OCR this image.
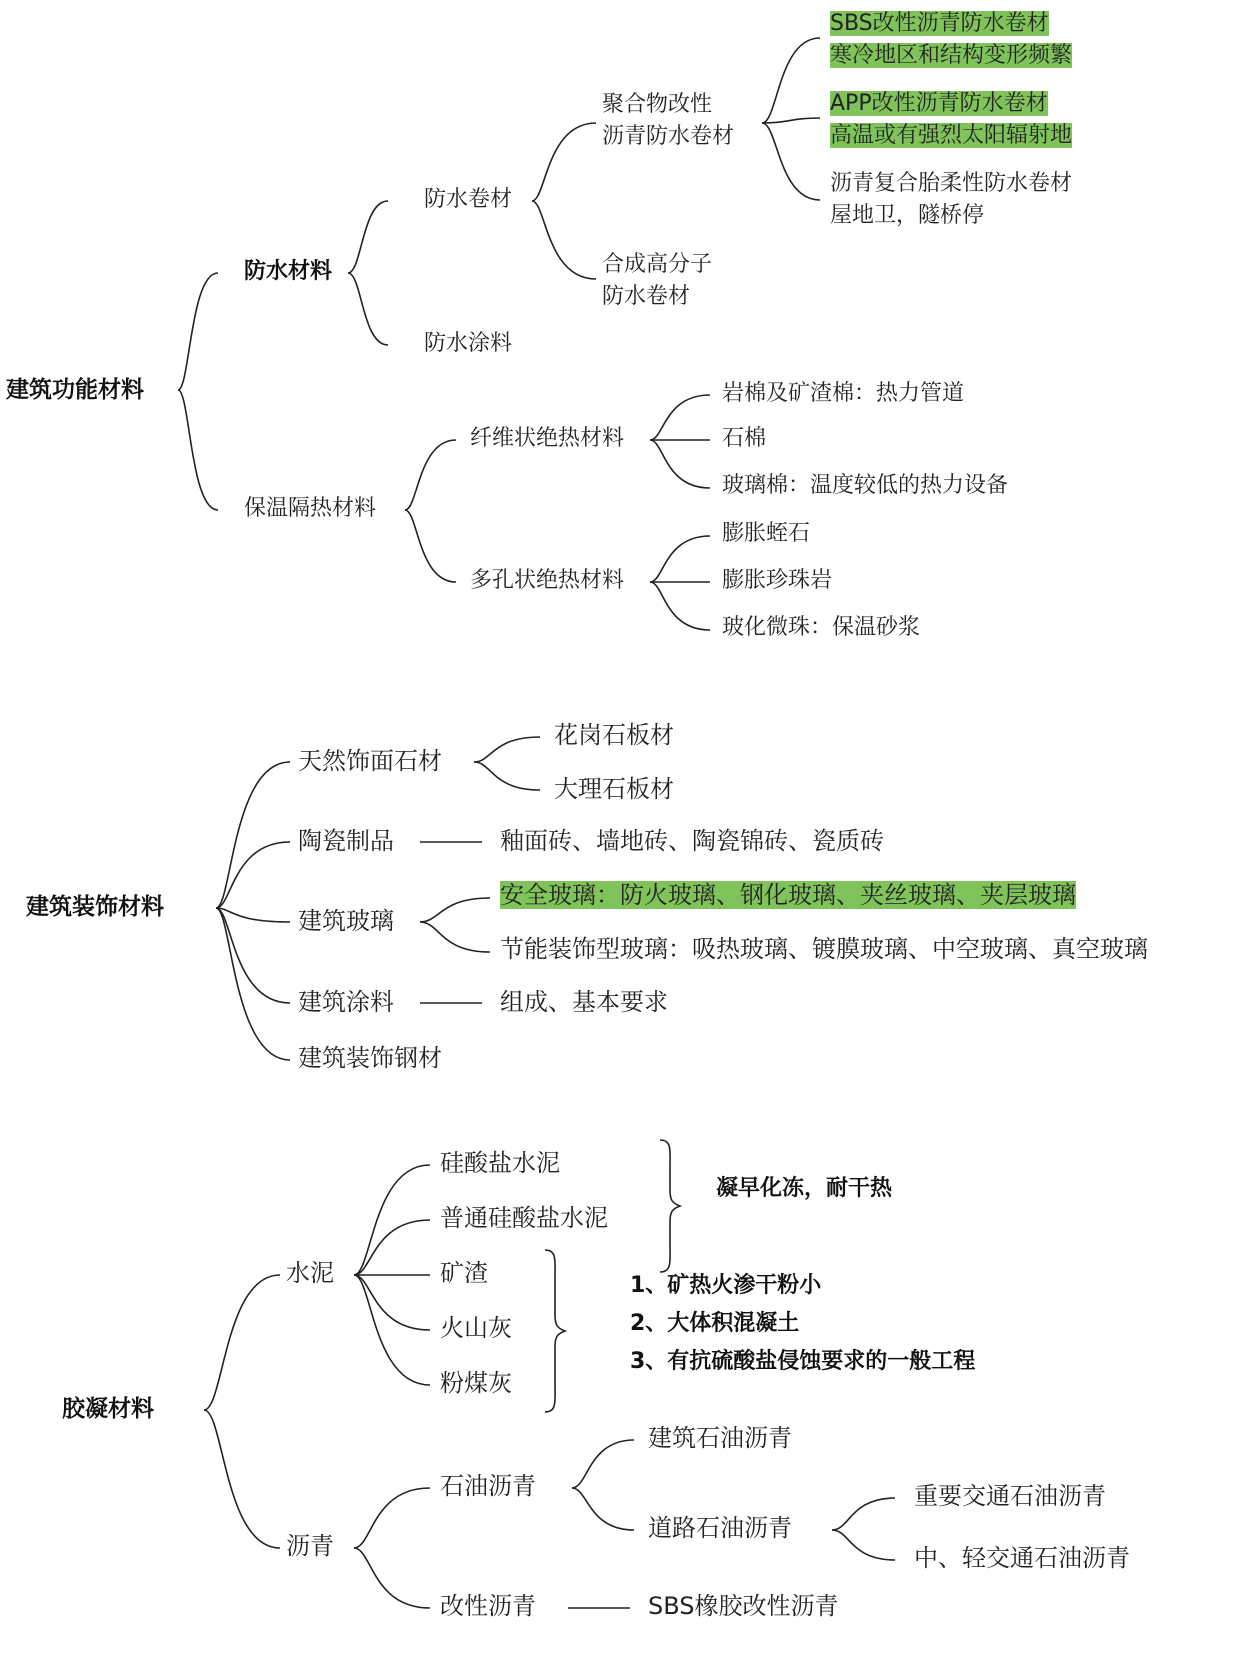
建筑功能材料
防水材料
防水卷材
聚合物改性
沥青防水卷材
SBS改性沥青防水卷材
寒冷地区和结构变形频繁
APP改性沥青防水卷材
高温或有强烈太阳辐射地
沥青复合胎柔性防水卷材
屋地卫，隧桥停
合成高分子
防水卷材
防水涂料
保温隔热材料
纤维状绝热材料
岩棉及矿渣棉：热力管道
石棉
玻璃棉：温度较低的热力设备
多孔状绝热材料
膨胀蛭石
膨胀珍珠岩
玻化微珠：保温砂浆
建筑装饰材料
天然饰面石材
花岗石板材
大理石板材
陶瓷制品	釉面砖、墙地砖、陶瓷锦砖、瓷质砖
建筑玻璃
安全玻璃：防火玻璃、钢化玻璃、夹丝玻璃、夹层玻璃
节能装饰型玻璃：吸热玻璃、镀膜玻璃、中空玻璃、真空玻璃
建筑涂料	组成、基本要求
建筑装饰钢材
胶凝材料
水泥
硅酸盐水泥
普通硅酸盐水泥
凝早化冻，耐干热
矿渣
火山灰
粉煤灰
1、矿热火渗干粉小
2、大体积混凝土
3、有抗硫酸盐侵蚀要求的一般工程
沥青
石油沥青
建筑石油沥青
道路石油沥青
重要交通石油沥青
中、轻交通石油沥青
改性沥青	SBS橡胶改性沥青
